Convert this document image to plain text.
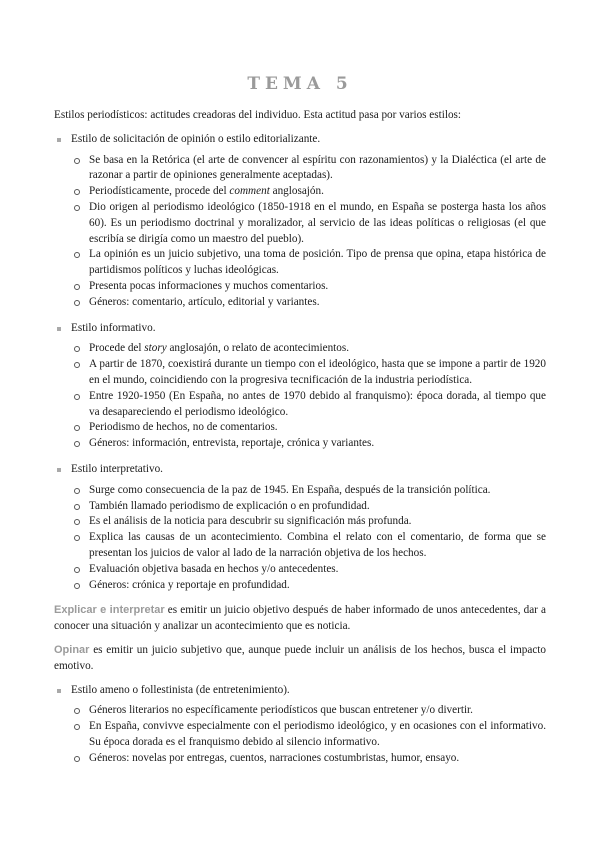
TEMA 5

Estilos periodísticos: actitudes creadoras del individuo. Esta actitud pasa por varios estilos:

Estilo de solicitación de opinión o estilo editorializante.
Se basa en la Retórica (el arte de convencer al espíritu con razonamientos) y la Dialéctica (el arte de razonar a partir de opiniones generalmente aceptadas).
Periodísticamente, procede del comment anglosajón.
Dio origen al periodismo ideológico (1850-1918 en el mundo, en España se posterga hasta los años 60). Es un periodismo doctrinal y moralizador, al servicio de las ideas políticas o religiosas (el que escribía se dirigía como un maestro del pueblo).
La opinión es un juicio subjetivo, una toma de posición. Tipo de prensa que opina, etapa histórica de partidismos políticos y luchas ideológicas.
Presenta pocas informaciones y muchos comentarios.
Géneros: comentario, artículo, editorial y variantes.
Estilo informativo.
Procede del story anglosajón, o relato de acontecimientos.
A partir de 1870, coexistirá durante un tiempo con el ideológico, hasta que se impone a partir de 1920 en el mundo, coincidiendo con la progresiva tecnificación de la industria periodística.
Entre 1920-1950 (En España, no antes de 1970 debido al franquismo): época dorada, al tiempo que va desapareciendo el periodismo ideológico.
Periodismo de hechos, no de comentarios.
Géneros: información, entrevista, reportaje, crónica y variantes.
Estilo interpretativo.
Surge como consecuencia de la paz de 1945. En España, después de la transición política.
También llamado periodismo de explicación o en profundidad.
Es el análisis de la noticia para descubrir su significación más profunda.
Explica las causas de un acontecimiento. Combina el relato con el comentario, de forma que se presentan los juicios de valor al lado de la narración objetiva de los hechos.
Evaluación objetiva basada en hechos y/o antecedentes.
Géneros: crónica y reportaje en profundidad.

Explicar e interpretar es emitir un juicio objetivo después de haber informado de unos antecedentes, dar a conocer una situación y analizar un acontecimiento que es noticia.

Opinar es emitir un juicio subjetivo que, aunque puede incluir un análisis de los hechos, busca el impacto emotivo.

Estilo ameno o follestinista (de entretenimiento).
Géneros literarios no específicamente periodísticos que buscan entretener y/o divertir.
En España, convivve especialmente con el periodismo ideológico, y en ocasiones con el informativo. Su época dorada es el franquismo debido al silencio informativo.
Géneros: novelas por entregas, cuentos, narraciones costumbristas, humor, ensayo.
